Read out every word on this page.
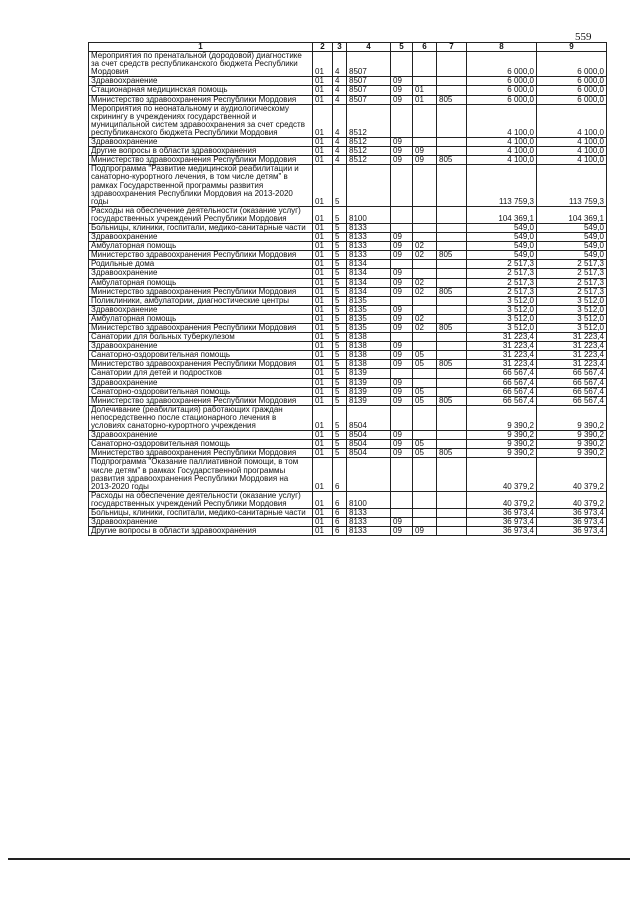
559
1	2	3	4	5	6	7	8	9
Мероприятия по пренатальной (дородовой) диагностике за счет средств республиканского бюджета Республики Мордовия	01	4	8507				6 000,0	6 000,0
Здравоохранение	01	4	8507	09			6 000,0	6 000,0
Стационарная медицинская помощь	01	4	8507	09	01		6 000,0	6 000,0
Министерство здравоохранения Республики Мордовия	01	4	8507	09	01	805	6 000,0	6 000,0
Мероприятия по неонатальному и аудиологическому скринингу в учреждениях государственной и муниципальной систем здравоохранения за счет средств республиканского бюджета Республики Мордовия	01	4	8512				4 100,0	4 100,0
Здравоохранение	01	4	8512	09			4 100,0	4 100,0
Другие вопросы в области здравоохранения	01	4	8512	09	09		4 100,0	4 100,0
Министерство здравоохранения Республики Мордовия	01	4	8512	09	09	805	4 100,0	4 100,0
Подпрограмма "Развитие медицинской реабилитации и санаторно-курортного лечения, в том числе детям" в рамках Государственной программы развития здравоохранения Республики Мордовия на 2013-2020 годы	01	5					113 759,3	113 759,3
Расходы на обеспечение деятельности (оказание услуг) государственных учреждений Республики Мордовия	01	5	8100				104 369,1	104 369,1
Больницы, клиники, госпитали, медико-санитарные части	01	5	8133				549,0	549,0
Здравоохранение	01	5	8133	09			549,0	549,0
Амбулаторная помощь	01	5	8133	09	02		549,0	549,0
Министерство здравоохранения Республики Мордовия	01	5	8133	09	02	805	549,0	549,0
Родильные дома	01	5	8134				2 517,3	2 517,3
Здравоохранение	01	5	8134	09			2 517,3	2 517,3
Амбулаторная помощь	01	5	8134	09	02		2 517,3	2 517,3
Министерство здравоохранения Республики Мордовия	01	5	8134	09	02	805	2 517,3	2 517,3
Поликлиники, амбулатории, диагностические центры	01	5	8135				3 512,0	3 512,0
Здравоохранение	01	5	8135	09			3 512,0	3 512,0
Амбулаторная помощь	01	5	8135	09	02		3 512,0	3 512,0
Министерство здравоохранения Республики Мордовия	01	5	8135	09	02	805	3 512,0	3 512,0
Санатории для больных туберкулезом	01	5	8138				31 223,4	31 223,4
Здравоохранение	01	5	8138	09			31 223,4	31 223,4
Санаторно-оздоровительная помощь	01	5	8138	09	05		31 223,4	31 223,4
Министерство здравоохранения Республики Мордовия	01	5	8138	09	05	805	31 223,4	31 223,4
Санатории для детей и подростков	01	5	8139				66 567,4	66 567,4
Здравоохранение	01	5	8139	09			66 567,4	66 567,4
Санаторно-оздоровительная помощь	01	5	8139	09	05		66 567,4	66 567,4
Министерство здравоохранения Республики Мордовия	01	5	8139	09	05	805	66 567,4	66 567,4
Долечивание (реабилитация) работающих граждан непосредственно после стационарного лечения в условиях санаторно-курортного учреждения	01	5	8504				9 390,2	9 390,2
Здравоохранение	01	5	8504	09			9 390,2	9 390,2
Санаторно-оздоровительная помощь	01	5	8504	09	05		9 390,2	9 390,2
Министерство здравоохранения Республики Мордовия	01	5	8504	09	05	805	9 390,2	9 390,2
Подпрограмма "Оказание паллиативной помощи, в том числе детям" в рамках Государственной программы развития здравоохранения Республики Мордовия на 2013-2020 годы	01	6					40 379,2	40 379,2
Расходы на обеспечение деятельности (оказание услуг) государственных учреждений Республики Мордовия	01	6	8100				40 379,2	40 379,2
Больницы, клиники, госпитали, медико-санитарные части	01	6	8133				36 973,4	36 973,4
Здравоохранение	01	6	8133	09			36 973,4	36 973,4
Другие вопросы в области здравоохранения	01	6	8133	09	09		36 973,4	36 973,4
